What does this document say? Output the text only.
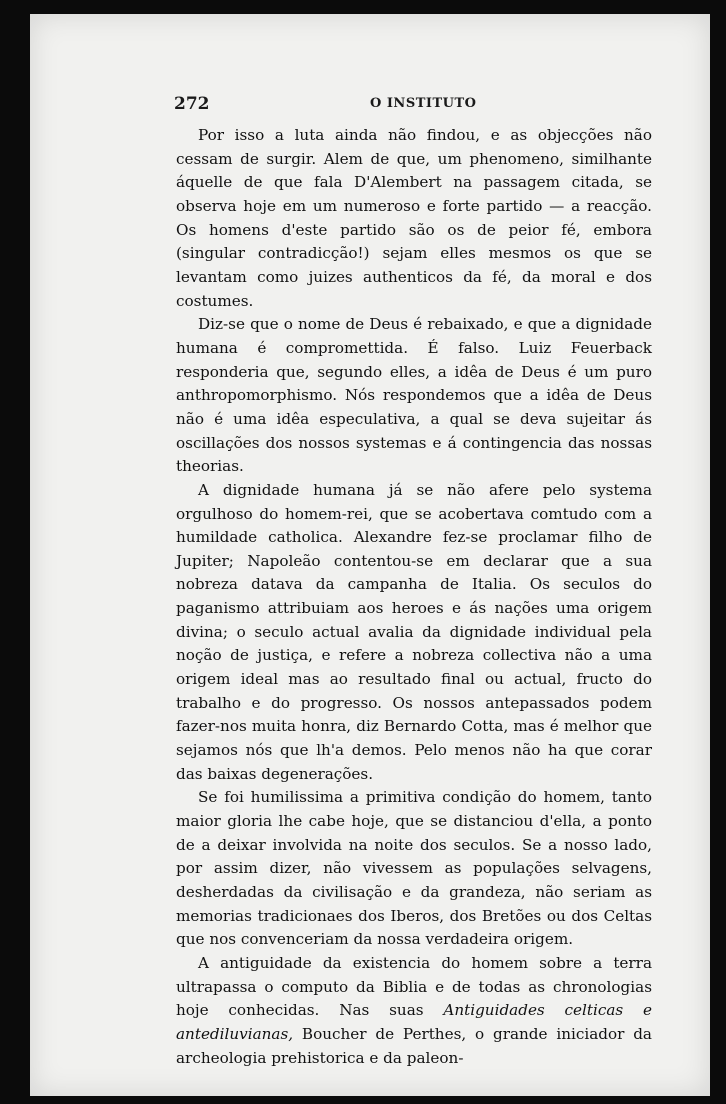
272	O INSTITUTO

Por isso a luta ainda não findou, e as objecções não cessam de surgir. Alem de que, um phenomeno, similhante áquelle de que fala D'Alembert na passagem citada, se observa hoje em um numeroso e forte partido — a reacção. Os homens d'este partido são os de peior fé, embora (singular contradicção!) sejam elles mesmos os que se levantam como juizes authenticos da fé, da moral e dos costumes.

Diz-se que o nome de Deus é rebaixado, e que a dignidade humana é compromettida. É falso. Luiz Feuerback responderia que, segundo elles, a idêa de Deus é um puro anthropomorphismo. Nós respondemos que a idêa de Deus não é uma idêa especulativa, a qual se deva sujeitar ás oscillações dos nossos systemas e á contingencia das nossas theorias.

A dignidade humana já se não afere pelo systema orgulhoso do homem-rei, que se acobertava comtudo com a humildade catholica. Alexandre fez-se proclamar filho de Jupiter; Napoleão contentou-se em declarar que a sua nobreza datava da campanha de Italia. Os seculos do paganismo attribuiam aos heroes e ás nações uma origem divina; o seculo actual avalia da dignidade individual pela noção de justiça, e refere a nobreza collectiva não a uma origem ideal mas ao resultado final ou actual, fructo do trabalho e do progresso. Os nossos antepassados podem fazer-nos muita honra, diz Bernardo Cotta, mas é melhor que sejamos nós que lh'a demos. Pelo menos não ha que corar das baixas degenerações.

Se foi humilissima a primitiva condição do homem, tanto maior gloria lhe cabe hoje, que se distanciou d'ella, a ponto de a deixar involvida na noite dos seculos. Se a nosso lado, por assim dizer, não vivessem as populações selvagens, desherdadas da civilisação e da grandeza, não seriam as memorias tradicionaes dos Iberos, dos Bretões ou dos Celtas que nos convenceriam da nossa verdadeira origem.

A antiguidade da existencia do homem sobre a terra ultrapassa o computo da Biblia e de todas as chronologias hoje conhecidas. Nas suas Antiguidades celticas e antediluvianas, Boucher de Perthes, o grande iniciador da archeologia prehistorica e da paleon-
